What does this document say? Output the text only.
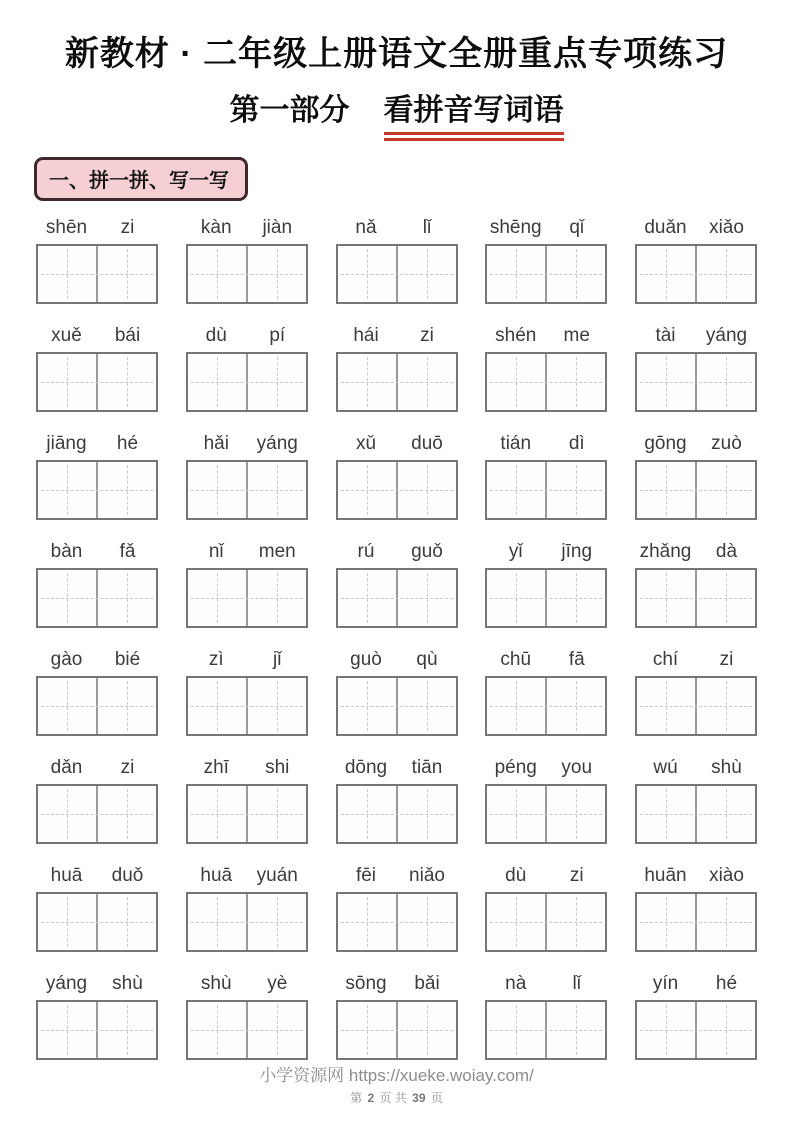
新教材 · 二年级上册语文全册重点专项练习
第一部分 看拼音写词语
一、拼一拼、写一写
shēn	zi	kàn	jiàn	nǎ	lǐ	shēng	qǐ	duǎn	xiǎo
xuě	bái	dù	pí	hái	zi	shén	me	tài	yáng
jiāng	hé	hǎi	yáng	xǔ	duō	tián	dì	gōng	zuò
bàn	fǎ	nǐ	men	rú	guǒ	yǐ	jīng	zhǎng	dà
gào	bié	zì	jǐ	guò	qù	chū	fā	chí	zi
dǎn	zi	zhī	shi	dōng	tiān	péng	you	wú	shù
huā	duǒ	huā	yuán	fēi	niǎo	dù	zi	huān	xiào
yáng	shù	shù	yè	sōng	bǎi	nà	lǐ	yín	hé
小学资源网 https://xueke.woiay.com/
第 2 页 共 39 页
